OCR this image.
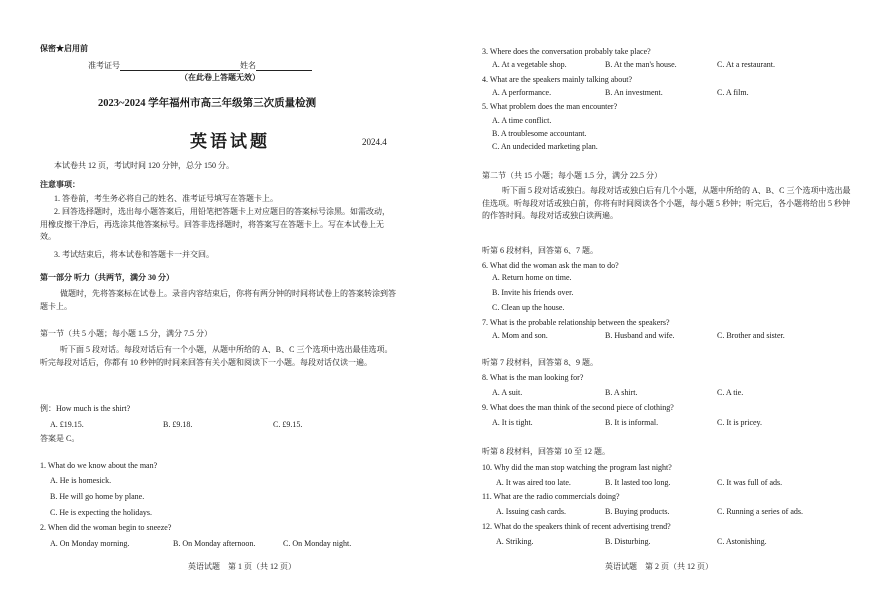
保密★启用前
准考证号	姓名
（在此卷上答题无效）
2023~2024 学年福州市高三年级第三次质量检测
英语试题	2024.4
本试卷共 12 页，考试时间 120 分钟，总分 150 分。
注意事项：
1. 答卷前，考生务必将自己的姓名、准考证号填写在答题卡上。
2. 回答选择题时，选出每小题答案后，用铅笔把答题卡上对应题目的答案标号涂黑。如需改动，用橡皮擦干净后，再选涂其他答案标号。回答非选择题时，将答案写在答题卡上。写在本试卷上无效。
3. 考试结束后，将本试卷和答题卡一并交回。
第一部分 听力（共两节，满分 30 分）
做题时，先将答案标在试卷上。录音内容结束后，你将有两分钟的时间将试卷上的答案转涂到答题卡上。
第一节（共 5 小题；每小题 1.5 分，满分 7.5 分）
听下面 5 段对话。每段对话后有一个小题，从题中所给的 A、B、C 三个选项中选出最佳选项。听完每段对话后，你都有 10 秒钟的时间来回答有关小题和阅读下一小题。每段对话仅读一遍。
例：How much is the shirt?
A. £19.15.	B. £9.18.	C. £9.15.
答案是 C。
1. What do we know about the man?
A. He is homesick.
B. He will go home by plane.
C. He is expecting the holidays.
2. When did the woman begin to sneeze?
A. On Monday morning.	B. On Monday afternoon.	C. On Monday night.
英语试题　第 1 页（共 12 页）
3. Where does the conversation probably take place?
A. At a vegetable shop.	B. At the man's house.	C. At a restaurant.
4. What are the speakers mainly talking about?
A. A performance.	B. An investment.	C. A film.
5. What problem does the man encounter?
A. A time conflict.
B. A troublesome accountant.
C. An undecided marketing plan.
第二节（共 15 小题；每小题 1.5 分，满分 22.5 分）
听下面 5 段对话或独白。每段对话或独白后有几个小题，从题中所给的 A、B、C 三个选项中选出最佳选项。听每段对话或独白前，你将有时间阅读各个小题，每小题 5 秒钟；听完后，各小题将给出 5 秒钟的作答时间。每段对话或独白读两遍。
听第 6 段材料，回答第 6、7 题。
6. What did the woman ask the man to do?
A. Return home on time.
B. Invite his friends over.
C. Clean up the house.
7. What is the probable relationship between the speakers?
A. Mom and son.	B. Husband and wife.	C. Brother and sister.
听第 7 段材料，回答第 8、9 题。
8. What is the man looking for?
A. A suit.	B. A shirt.	C. A tie.
9. What does the man think of the second piece of clothing?
A. It is tight.	B. It is informal.	C. It is pricey.
听第 8 段材料，回答第 10 至 12 题。
10. Why did the man stop watching the program last night?
A. It was aired too late.	B. It lasted too long.	C. It was full of ads.
11. What are the radio commercials doing?
A. Issuing cash cards.	B. Buying products.	C. Running a series of ads.
12. What do the speakers think of recent advertising trend?
A. Striking.	B. Disturbing.	C. Astonishing.
英语试题　第 2 页（共 12 页）
